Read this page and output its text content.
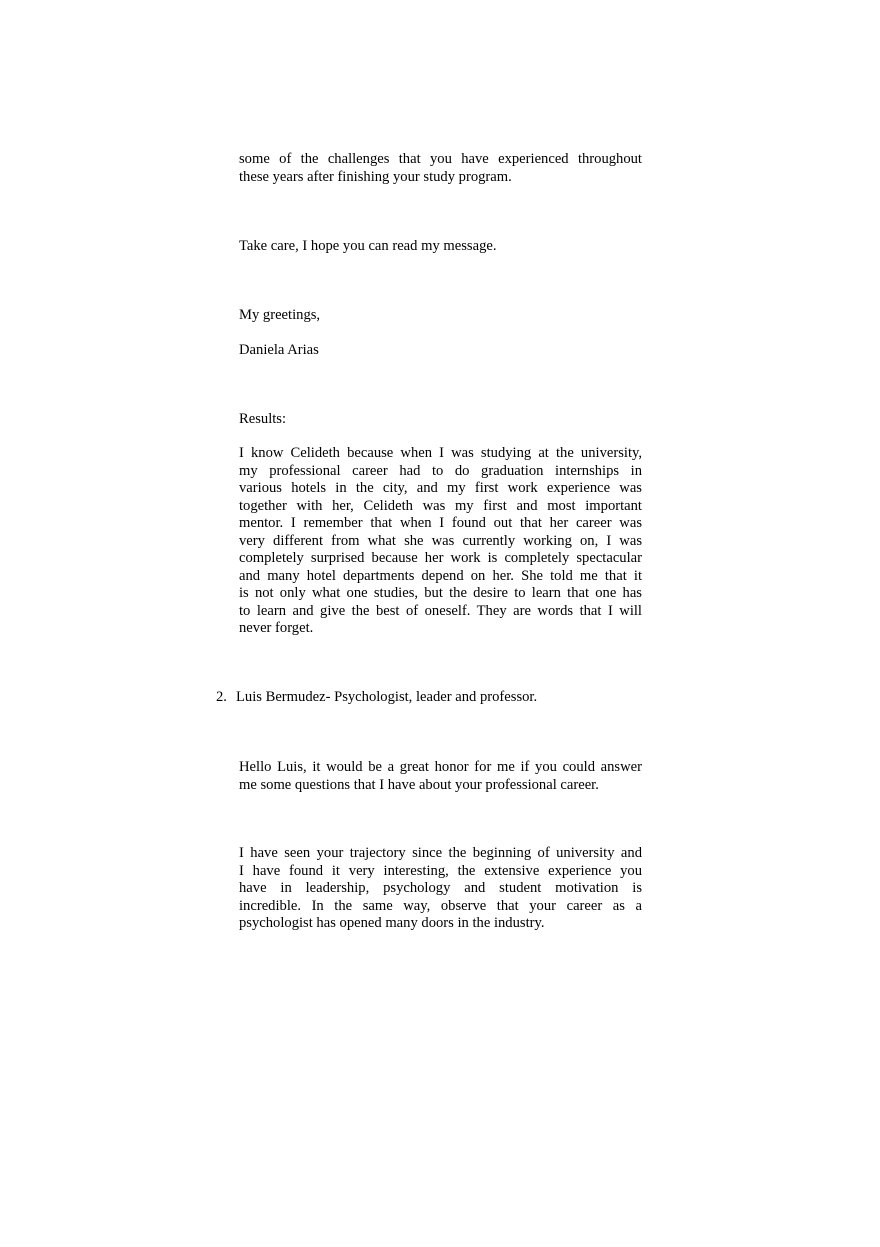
some of the challenges that you have experienced throughout
these years after finishing your study program.

Take care, I hope you can read my message.

My greetings,

Daniela Arias

Results:

I know Celideth because when I was studying at the university,
my professional career had to do graduation internships in
various hotels in the city, and my first work experience was
together with her, Celideth was my first and most important
mentor. I remember that when I found out that her career was
very different from what she was currently working on, I was
completely surprised because her work is completely spectacular
and many hotel departments depend on her. She told me that it
is not only what one studies, but the desire to learn that one has
to learn and give the best of oneself. They are words that I will
never forget.
2. Luis Bermudez- Psychologist, leader and professor.
Hello Luis, it would be a great honor for me if you could answer
me some questions that I have about your professional career.
I have seen your trajectory since the beginning of university and
I have found it very interesting, the extensive experience you
have in leadership, psychology and student motivation is
incredible. In the same way, observe that your career as a
psychologist has opened many doors in the industry.
